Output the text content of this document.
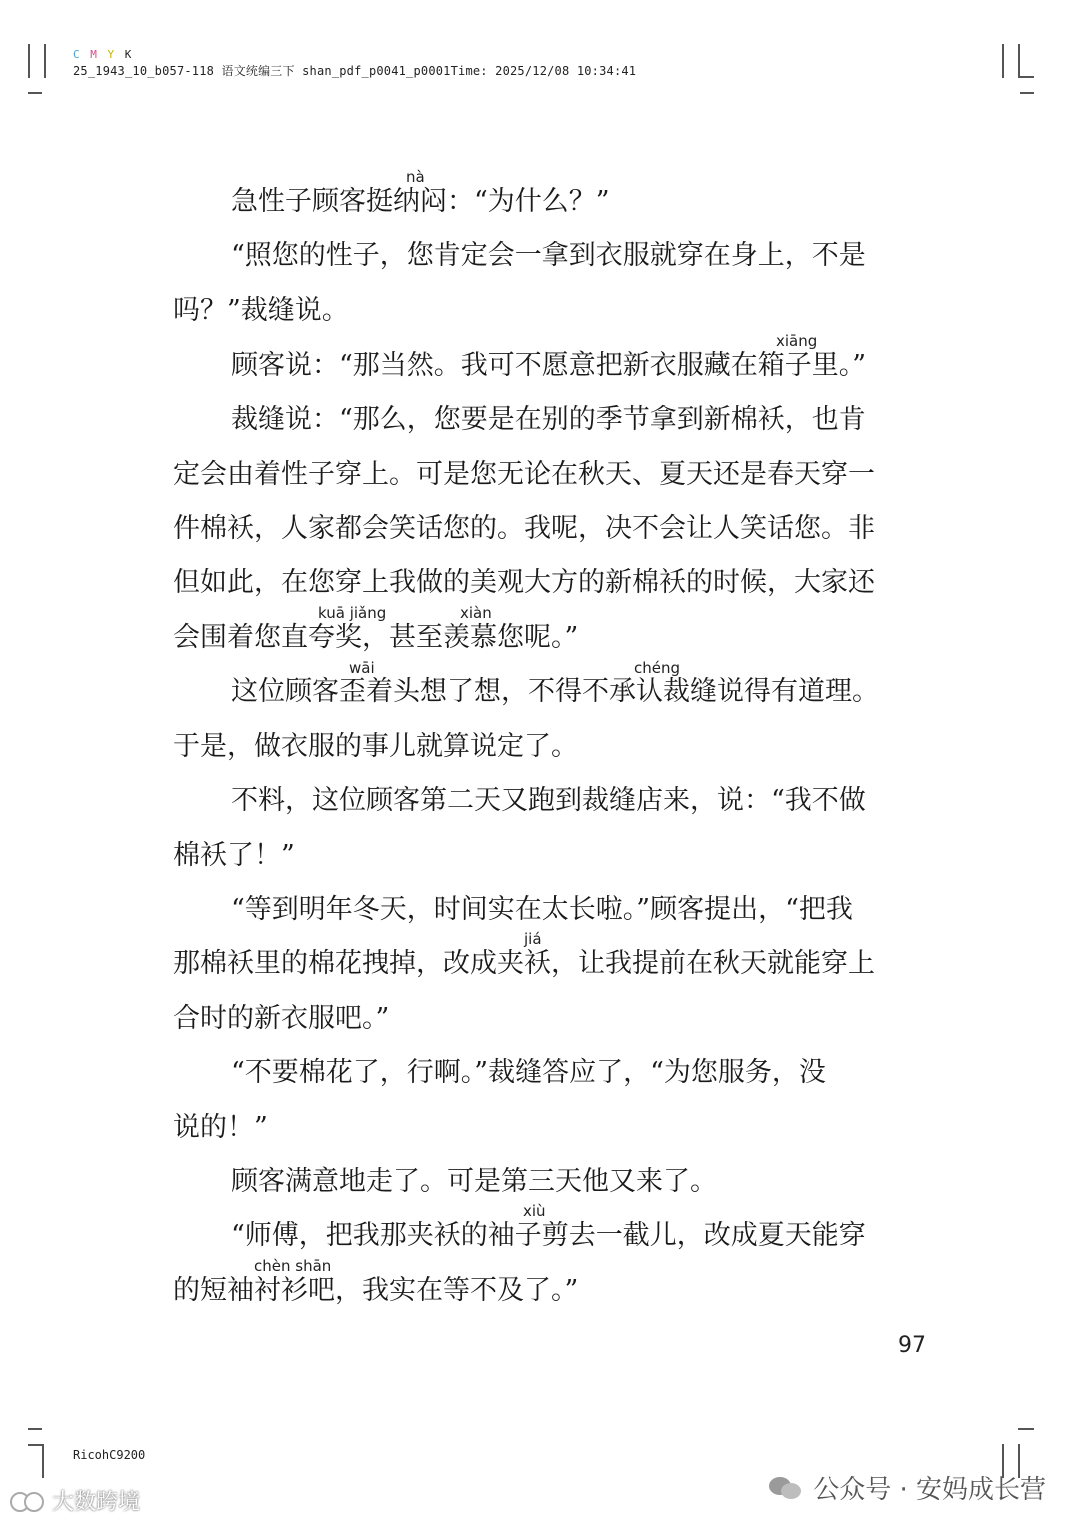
C M Y K
25_1943_10_b057-118 语文统编三下 shan_pdf_p0041_p0001Time: 2025/12/08 10:34:41
急性子顾客挺纳闷：“为什么？”
“照您的性子，您肯定会一拿到衣服就穿在身上，不是
吗？”裁缝说。
顾客说：“那当然。我可不愿意把新衣服藏在箱子里。”
裁缝说：“那么，您要是在别的季节拿到新棉袄，也肯
定会由着性子穿上。可是您无论在秋天、夏天还是春天穿一
件棉袄，人家都会笑话您的。我呢，决不会让人笑话您。非
但如此，在您穿上我做的美观大方的新棉袄的时候，大家还
会围着您直夸奖，甚至羡慕您呢。”
这位顾客歪着头想了想，不得不承认裁缝说得有道理。
于是，做衣服的事儿就算说定了。
不料，这位顾客第二天又跑到裁缝店来，说：“我不做
棉袄了！”
“等到明年冬天，时间实在太长啦。”顾客提出，“把我
那棉袄里的棉花拽掉，改成夹袄，让我提前在秋天就能穿上
合时的新衣服吧。”
“不要棉花了，行啊。”裁缝答应了，“为您服务，没
说的！”
顾客满意地走了。可是第三天他又来了。
“师傅，把我那夹袄的袖子剪去一截儿，改成夏天能穿
的短袖衬衫吧，我实在等不及了。”
nà
xiāng
kuā jiǎng	xiàn
wāi	chéng
jiá
xiù
chèn shān
97
RicohC9200
大数跨境	公众号 · 安妈成长营
